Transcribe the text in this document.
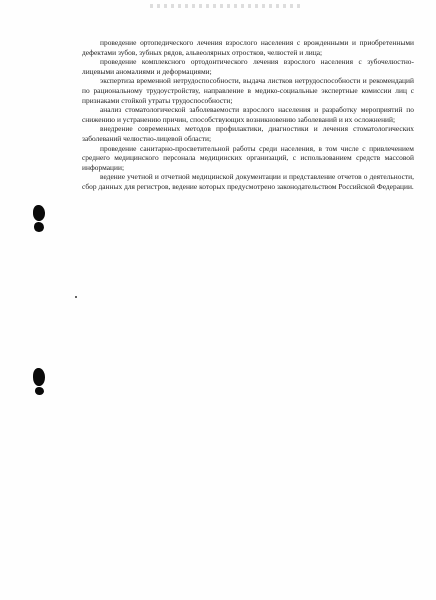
проведение ортопедического лечения взрослого населения с врожденными и приобретенными дефектами зубов, зубных рядов, альвеолярных отростков, челюстей и лица;

проведение комплексного ортодонтического лечения взрослого населения с зубочелюстно-лицевыми аномалиями и деформациями;

экспертиза временной нетрудоспособности, выдача листков нетрудоспособности и рекомендаций по рациональному трудоустройству, направление в медико-социальные экспертные комиссии лиц с признаками стойкой утраты трудоспособности;

анализ стоматологической заболеваемости взрослого населения и разработку мероприятий по снижению и устранению причин, способствующих возникновению заболеваний и их осложнений;

внедрение современных методов профилактики, диагностики и лечения стоматологических заболеваний челюстно-лицевой области;

проведение санитарно-просветительной работы среди населения, в том числе с привлечением среднего медицинского персонала медицинских организаций, с использованием средств массовой информации;

ведение учетной и отчетной медицинской документации и представление отчетов о деятельности, сбор данных для регистров, ведение которых предусмотрено законодательством Российской Федерации.
